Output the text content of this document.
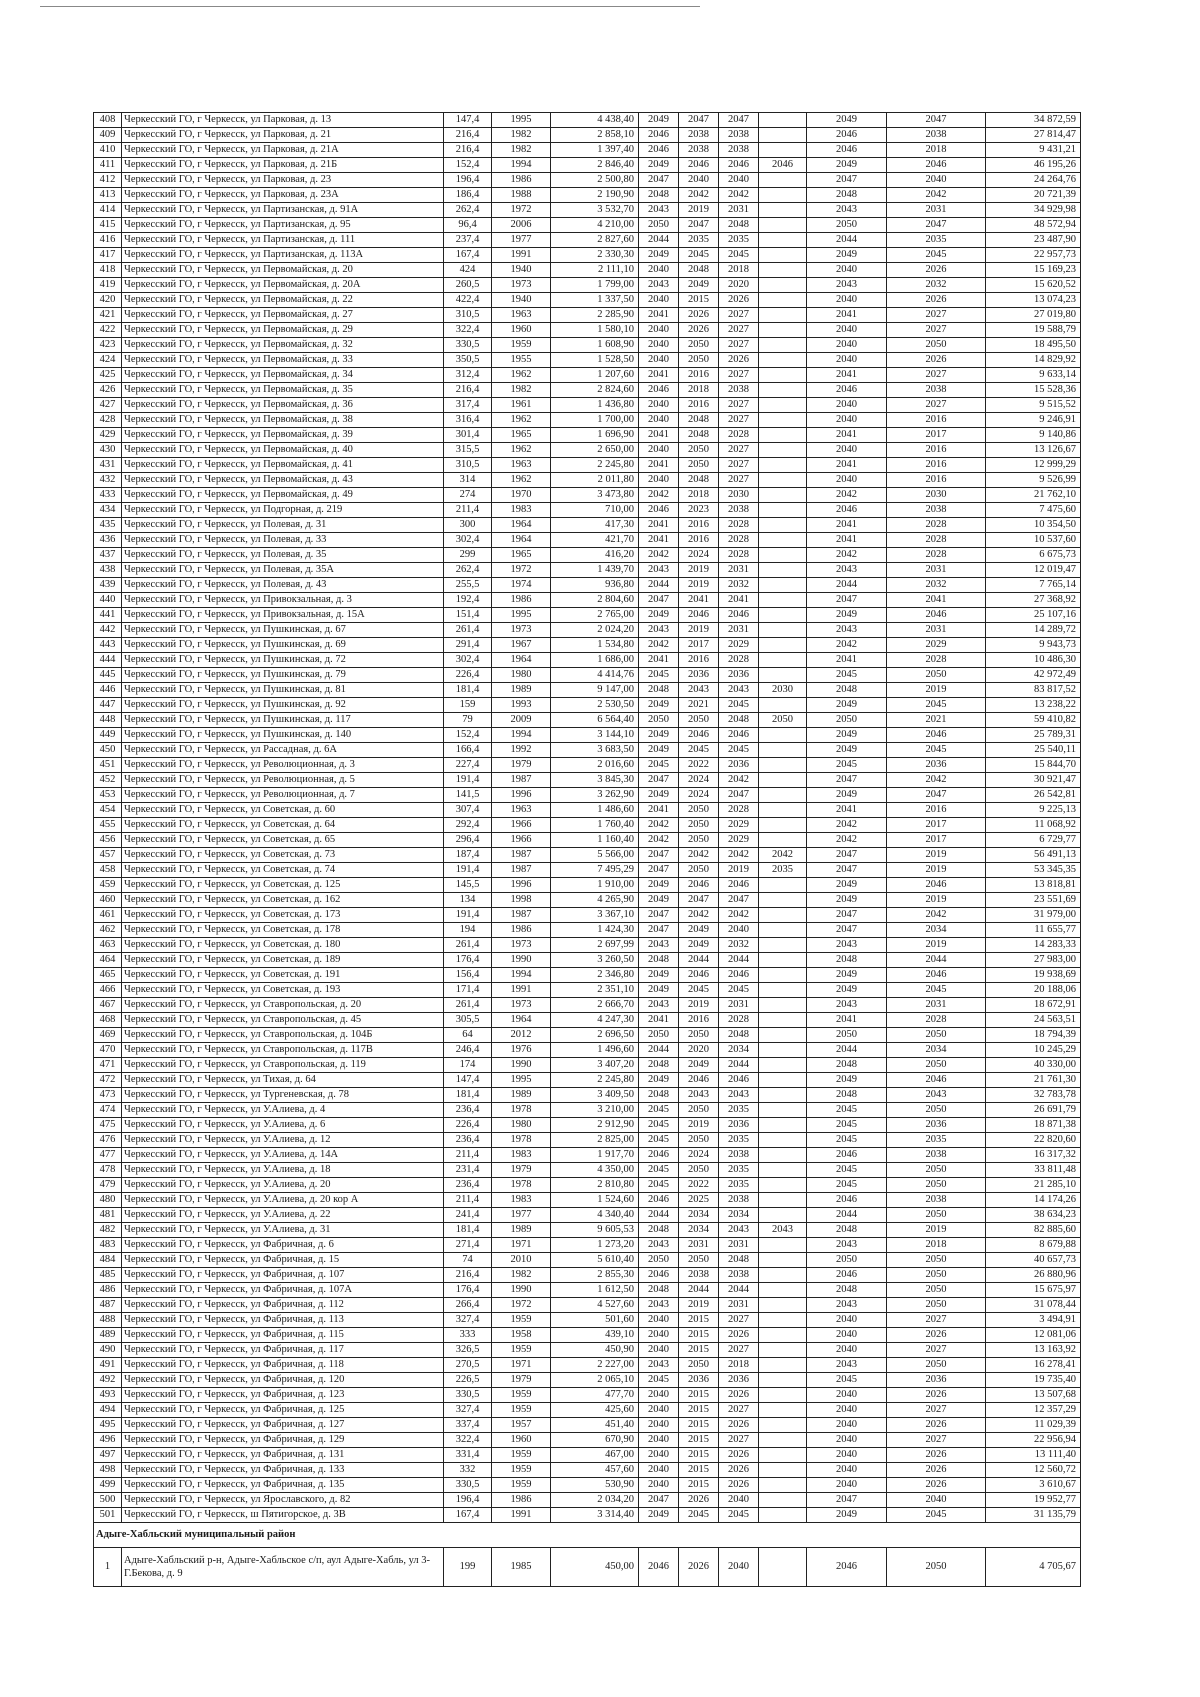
408	Черкесский ГО, г Черкесск, ул Парковая, д. 13	147,4	1995	4 438,40	2049	2047	2047		2049	2047	34 872,59
409	Черкесский ГО, г Черкесск, ул Парковая, д. 21	216,4	1982	2 858,10	2046	2038	2038		2046	2038	27 814,47
410	Черкесский ГО, г Черкесск, ул Парковая, д. 21А	216,4	1982	1 397,40	2046	2038	2038		2046	2018	9 431,21
411	Черкесский ГО, г Черкесск, ул Парковая, д. 21Б	152,4	1994	2 846,40	2049	2046	2046	2046	2049	2046	46 195,26
412	Черкесский ГО, г Черкесск, ул Парковая, д. 23	196,4	1986	2 500,80	2047	2040	2040		2047	2040	24 264,76
413	Черкесский ГО, г Черкесск, ул Парковая, д. 23А	186,4	1988	2 190,90	2048	2042	2042		2048	2042	20 721,39
414	Черкесский ГО, г Черкесск, ул Партизанская, д. 91А	262,4	1972	3 532,70	2043	2019	2031		2043	2031	34 929,98
415	Черкесский ГО, г Черкесск, ул Партизанская, д. 95	96,4	2006	4 210,00	2050	2047	2048		2050	2047	48 572,94
416	Черкесский ГО, г Черкесск, ул Партизанская, д. 111	237,4	1977	2 827,60	2044	2035	2035		2044	2035	23 487,90
417	Черкесский ГО, г Черкесск, ул Партизанская, д. 113А	167,4	1991	2 330,30	2049	2045	2045		2049	2045	22 957,73
418	Черкесский ГО, г Черкесск, ул Первомайская, д. 20	424	1940	2 111,10	2040	2048	2018		2040	2026	15 169,23
419	Черкесский ГО, г Черкесск, ул Первомайская, д. 20А	260,5	1973	1 799,00	2043	2049	2020		2043	2032	15 620,52
420	Черкесский ГО, г Черкесск, ул Первомайская, д. 22	422,4	1940	1 337,50	2040	2015	2026		2040	2026	13 074,23
421	Черкесский ГО, г Черкесск, ул Первомайская, д. 27	310,5	1963	2 285,90	2041	2026	2027		2041	2027	27 019,80
422	Черкесский ГО, г Черкесск, ул Первомайская, д. 29	322,4	1960	1 580,10	2040	2026	2027		2040	2027	19 588,79
423	Черкесский ГО, г Черкесск, ул Первомайская, д. 32	330,5	1959	1 608,90	2040	2050	2027		2040	2050	18 495,50
424	Черкесский ГО, г Черкесск, ул Первомайская, д. 33	350,5	1955	1 528,50	2040	2050	2026		2040	2026	14 829,92
425	Черкесский ГО, г Черкесск, ул Первомайская, д. 34	312,4	1962	1 207,60	2041	2016	2027		2041	2027	9 633,14
426	Черкесский ГО, г Черкесск, ул Первомайская, д. 35	216,4	1982	2 824,60	2046	2018	2038		2046	2038	15 528,36
427	Черкесский ГО, г Черкесск, ул Первомайская, д. 36	317,4	1961	1 436,80	2040	2016	2027		2040	2027	9 515,52
428	Черкесский ГО, г Черкесск, ул Первомайская, д. 38	316,4	1962	1 700,00	2040	2048	2027		2040	2016	9 246,91
429	Черкесский ГО, г Черкесск, ул Первомайская, д. 39	301,4	1965	1 696,90	2041	2048	2028		2041	2017	9 140,86
430	Черкесский ГО, г Черкесск, ул Первомайская, д. 40	315,5	1962	2 650,00	2040	2050	2027		2040	2016	13 126,67
431	Черкесский ГО, г Черкесск, ул Первомайская, д. 41	310,5	1963	2 245,80	2041	2050	2027		2041	2016	12 999,29
432	Черкесский ГО, г Черкесск, ул Первомайская, д. 43	314	1962	2 011,80	2040	2048	2027		2040	2016	9 526,99
433	Черкесский ГО, г Черкесск, ул Первомайская, д. 49	274	1970	3 473,80	2042	2018	2030		2042	2030	21 762,10
434	Черкесский ГО, г Черкесск, ул Подгорная, д. 219	211,4	1983	710,00	2046	2023	2038		2046	2038	7 475,60
435	Черкесский ГО, г Черкесск, ул Полевая, д. 31	300	1964	417,30	2041	2016	2028		2041	2028	10 354,50
436	Черкесский ГО, г Черкесск, ул Полевая, д. 33	302,4	1964	421,70	2041	2016	2028		2041	2028	10 537,60
437	Черкесский ГО, г Черкесск, ул Полевая, д. 35	299	1965	416,20	2042	2024	2028		2042	2028	6 675,73
438	Черкесский ГО, г Черкесск, ул Полевая, д. 35А	262,4	1972	1 439,70	2043	2019	2031		2043	2031	12 019,47
439	Черкесский ГО, г Черкесск, ул Полевая, д. 43	255,5	1974	936,80	2044	2019	2032		2044	2032	7 765,14
440	Черкесский ГО, г Черкесск, ул Привокзальная, д. 3	192,4	1986	2 804,60	2047	2041	2041		2047	2041	27 368,92
441	Черкесский ГО, г Черкесск, ул Привокзальная, д. 15А	151,4	1995	2 765,00	2049	2046	2046		2049	2046	25 107,16
442	Черкесский ГО, г Черкесск, ул Пушкинская, д. 67	261,4	1973	2 024,20	2043	2019	2031		2043	2031	14 289,72
443	Черкесский ГО, г Черкесск, ул Пушкинская, д. 69	291,4	1967	1 534,80	2042	2017	2029		2042	2029	9 943,73
444	Черкесский ГО, г Черкесск, ул Пушкинская, д. 72	302,4	1964	1 686,00	2041	2016	2028		2041	2028	10 486,30
445	Черкесский ГО, г Черкесск, ул Пушкинская, д. 79	226,4	1980	4 414,76	2045	2036	2036		2045	2050	42 972,49
446	Черкесский ГО, г Черкесск, ул Пушкинская, д. 81	181,4	1989	9 147,00	2048	2043	2043	2030	2048	2019	83 817,52
447	Черкесский ГО, г Черкесск, ул Пушкинская, д. 92	159	1993	2 530,50	2049	2021	2045		2049	2045	13 238,22
448	Черкесский ГО, г Черкесск, ул Пушкинская, д. 117	79	2009	6 564,40	2050	2050	2048	2050	2050	2021	59 410,82
449	Черкесский ГО, г Черкесск, ул Пушкинская, д. 140	152,4	1994	3 144,10	2049	2046	2046		2049	2046	25 789,31
450	Черкесский ГО, г Черкесск, ул Рассадная, д. 6А	166,4	1992	3 683,50	2049	2045	2045		2049	2045	25 540,11
451	Черкесский ГО, г Черкесск, ул Революционная, д. 3	227,4	1979	2 016,60	2045	2022	2036		2045	2036	15 844,70
452	Черкесский ГО, г Черкесск, ул Революционная, д. 5	191,4	1987	3 845,30	2047	2024	2042		2047	2042	30 921,47
453	Черкесский ГО, г Черкесск, ул Революционная, д. 7	141,5	1996	3 262,90	2049	2024	2047		2049	2047	26 542,81
454	Черкесский ГО, г Черкесск, ул Советская, д. 60	307,4	1963	1 486,60	2041	2050	2028		2041	2016	9 225,13
455	Черкесский ГО, г Черкесск, ул Советская, д. 64	292,4	1966	1 760,40	2042	2050	2029		2042	2017	11 068,92
456	Черкесский ГО, г Черкесск, ул Советская, д. 65	296,4	1966	1 160,40	2042	2050	2029		2042	2017	6 729,77
457	Черкесский ГО, г Черкесск, ул Советская, д. 73	187,4	1987	5 566,00	2047	2042	2042	2042	2047	2019	56 491,13
458	Черкесский ГО, г Черкесск, ул Советская, д. 74	191,4	1987	7 495,29	2047	2050	2019	2035	2047	2019	53 345,35
459	Черкесский ГО, г Черкесск, ул Советская, д. 125	145,5	1996	1 910,00	2049	2046	2046		2049	2046	13 818,81
460	Черкесский ГО, г Черкесск, ул Советская, д. 162	134	1998	4 265,90	2049	2047	2047		2049	2019	23 551,69
461	Черкесский ГО, г Черкесск, ул Советская, д. 173	191,4	1987	3 367,10	2047	2042	2042		2047	2042	31 979,00
462	Черкесский ГО, г Черкесск, ул Советская, д. 178	194	1986	1 424,30	2047	2049	2040		2047	2034	11 655,77
463	Черкесский ГО, г Черкесск, ул Советская, д. 180	261,4	1973	2 697,99	2043	2049	2032		2043	2019	14 283,33
464	Черкесский ГО, г Черкесск, ул Советская, д. 189	176,4	1990	3 260,50	2048	2044	2044		2048	2044	27 983,00
465	Черкесский ГО, г Черкесск, ул Советская, д. 191	156,4	1994	2 346,80	2049	2046	2046		2049	2046	19 938,69
466	Черкесский ГО, г Черкесск, ул Советская, д. 193	171,4	1991	2 351,10	2049	2045	2045		2049	2045	20 188,06
467	Черкесский ГО, г Черкесск, ул Ставропольская, д. 20	261,4	1973	2 666,70	2043	2019	2031		2043	2031	18 672,91
468	Черкесский ГО, г Черкесск, ул Ставропольская, д. 45	305,5	1964	4 247,30	2041	2016	2028		2041	2028	24 563,51
469	Черкесский ГО, г Черкесск, ул Ставропольская, д. 104Б	64	2012	2 696,50	2050	2050	2048		2050	2050	18 794,39
470	Черкесский ГО, г Черкесск, ул Ставропольская, д. 117В	246,4	1976	1 496,60	2044	2020	2034		2044	2034	10 245,29
471	Черкесский ГО, г Черкесск, ул Ставропольская, д. 119	174	1990	3 407,20	2048	2049	2044		2048	2050	40 330,00
472	Черкесский ГО, г Черкесск, ул Тихая, д. 64	147,4	1995	2 245,80	2049	2046	2046		2049	2046	21 761,30
473	Черкесский ГО, г Черкесск, ул Тургеневская, д. 78	181,4	1989	3 409,50	2048	2043	2043		2048	2043	32 783,78
474	Черкесский ГО, г Черкесск, ул У.Алиева, д. 4	236,4	1978	3 210,00	2045	2050	2035		2045	2050	26 691,79
475	Черкесский ГО, г Черкесск, ул У.Алиева, д. 6	226,4	1980	2 912,90	2045	2019	2036		2045	2036	18 871,38
476	Черкесский ГО, г Черкесск, ул У.Алиева, д. 12	236,4	1978	2 825,00	2045	2050	2035		2045	2035	22 820,60
477	Черкесский ГО, г Черкесск, ул У.Алиева, д. 14А	211,4	1983	1 917,70	2046	2024	2038		2046	2038	16 317,32
478	Черкесский ГО, г Черкесск, ул У.Алиева, д. 18	231,4	1979	4 350,00	2045	2050	2035		2045	2050	33 811,48
479	Черкесский ГО, г Черкесск, ул У.Алиева, д. 20	236,4	1978	2 810,80	2045	2022	2035		2045	2050	21 285,10
480	Черкесский ГО, г Черкесск, ул У.Алиева, д. 20 кор А	211,4	1983	1 524,60	2046	2025	2038		2046	2038	14 174,26
481	Черкесский ГО, г Черкесск, ул У.Алиева, д. 22	241,4	1977	4 340,40	2044	2034	2034		2044	2050	38 634,23
482	Черкесский ГО, г Черкесск, ул У.Алиева, д. 31	181,4	1989	9 605,53	2048	2034	2043	2043	2048	2019	82 885,60
483	Черкесский ГО, г Черкесск, ул Фабричная, д. 6	271,4	1971	1 273,20	2043	2031	2031		2043	2018	8 679,88
484	Черкесский ГО, г Черкесск, ул Фабричная, д. 15	74	2010	5 610,40	2050	2050	2048		2050	2050	40 657,73
485	Черкесский ГО, г Черкесск, ул Фабричная, д. 107	216,4	1982	2 855,30	2046	2038	2038		2046	2050	26 880,96
486	Черкесский ГО, г Черкесск, ул Фабричная, д. 107А	176,4	1990	1 612,50	2048	2044	2044		2048	2050	15 675,97
487	Черкесский ГО, г Черкесск, ул Фабричная, д. 112	266,4	1972	4 527,60	2043	2019	2031		2043	2050	31 078,44
488	Черкесский ГО, г Черкесск, ул Фабричная, д. 113	327,4	1959	501,60	2040	2015	2027		2040	2027	3 494,91
489	Черкесский ГО, г Черкесск, ул Фабричная, д. 115	333	1958	439,10	2040	2015	2026		2040	2026	12 081,06
490	Черкесский ГО, г Черкесск, ул Фабричная, д. 117	326,5	1959	450,90	2040	2015	2027		2040	2027	13 163,92
491	Черкесский ГО, г Черкесск, ул Фабричная, д. 118	270,5	1971	2 227,00	2043	2050	2018		2043	2050	16 278,41
492	Черкесский ГО, г Черкесск, ул Фабричная, д. 120	226,5	1979	2 065,10	2045	2036	2036		2045	2036	19 735,40
493	Черкесский ГО, г Черкесск, ул Фабричная, д. 123	330,5	1959	477,70	2040	2015	2026		2040	2026	13 507,68
494	Черкесский ГО, г Черкесск, ул Фабричная, д. 125	327,4	1959	425,60	2040	2015	2027		2040	2027	12 357,29
495	Черкесский ГО, г Черкесск, ул Фабричная, д. 127	337,4	1957	451,40	2040	2015	2026		2040	2026	11 029,39
496	Черкесский ГО, г Черкесск, ул Фабричная, д. 129	322,4	1960	670,90	2040	2015	2027		2040	2027	22 956,94
497	Черкесский ГО, г Черкесск, ул Фабричная, д. 131	331,4	1959	467,00	2040	2015	2026		2040	2026	13 111,40
498	Черкесский ГО, г Черкесск, ул Фабричная, д. 133	332	1959	457,60	2040	2015	2026		2040	2026	12 560,72
499	Черкесский ГО, г Черкесск, ул Фабричная, д. 135	330,5	1959	530,90	2040	2015	2026		2040	2026	3 610,67
500	Черкесский ГО, г Черкесск, ул Ярославского, д. 82	196,4	1986	2 034,20	2047	2026	2040		2047	2040	19 952,77
501	Черкесский ГО, г Черкесск, ш Пятигорское, д. 3В	167,4	1991	3 314,40	2049	2045	2045		2049	2045	31 135,79
Адыге-Хабльский муниципальный район											
1	Адыге-Хабльский р-н, Адыге-Хабльское с/п, аул Адыге-Хабль, ул 3-Г.Бекова, д. 9	199	1985	450,00	2046	2026	2040		2046	2050	4 705,67
